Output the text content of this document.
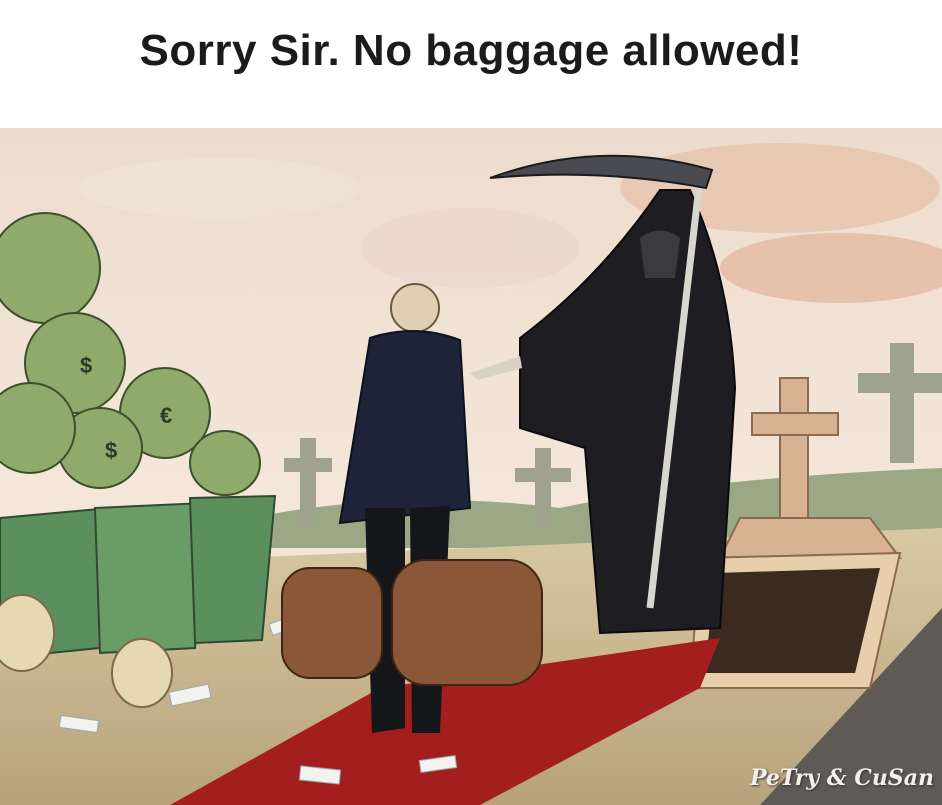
Sorry Sir. No baggage allowed!
$
$
€
PeTry & CuSan
